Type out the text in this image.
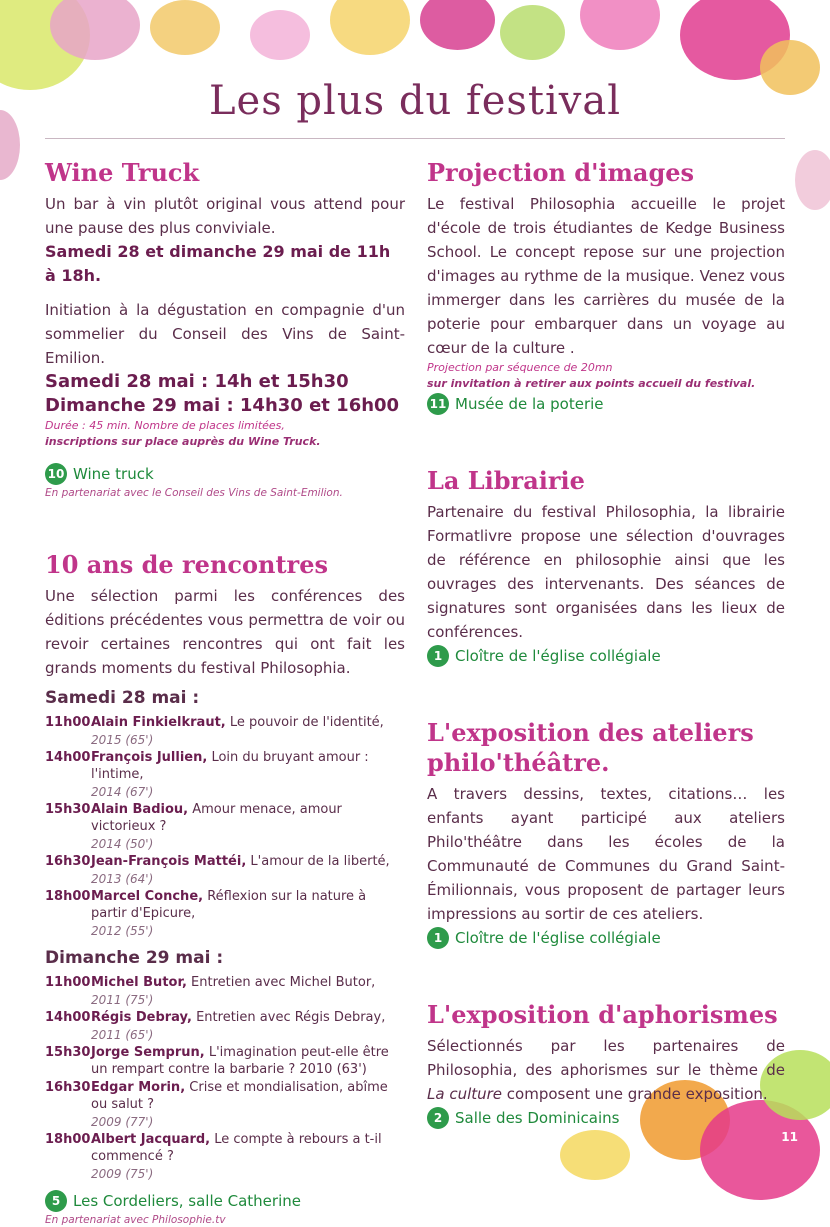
Les plus du festival
Wine Truck

Un bar à vin plutôt original vous attend pour une pause des plus conviviale.

Samedi 28 et dimanche 29 mai de 11h à 18h.

Initiation à la dégustation en compagnie d'un sommelier du Conseil des Vins de Saint-Emilion.

Samedi 28 mai : 14h et 15h30
Dimanche 29 mai : 14h30 et 16h00
Durée : 45 min. Nombre de places limitées,
inscriptions sur place auprès du Wine Truck.
10 Wine truck
En partenariat avec le Conseil des Vins de Saint-Emilion.
10 ans de rencontres

Une sélection parmi les conférences des éditions précédentes vous permettra de voir ou revoir certaines rencontres qui ont fait les grands moments du festival Philosophia.

Samedi 28 mai :
11h00 Alain Finkielkraut, Le pouvoir de l'identité,
2015 (65')
14h00 François Jullien, Loin du bruyant amour : l'intime,
2014 (67')
15h30 Alain Badiou, Amour menace, amour victorieux ?
2014 (50')
16h30 Jean-François Mattéi, L'amour de la liberté,
2013 (64')
18h00 Marcel Conche, Réflexion sur la nature à partir d'Epicure,
2012 (55')
Dimanche 29 mai :
11h00 Michel Butor, Entretien avec Michel Butor,
2011 (75')
14h00 Régis Debray, Entretien avec Régis Debray,
2011 (65')
15h30 Jorge Semprun, L'imagination peut-elle être un rempart contre la barbarie ? 2010 (63')
16h30 Edgar Morin, Crise et mondialisation, abîme ou salut ?
2009 (77')
18h00 Albert Jacquard, Le compte à rebours a t-il commencé ?
2009 (75')
5 Les Cordeliers, salle Catherine
En partenariat avec Philosophie.tv
Projection d'images

Le festival Philosophia accueille le projet d'école de trois étudiantes de Kedge Business School. Le concept repose sur une projection d'images au rythme de la musique. Venez vous immerger dans les carrières du musée de la poterie pour embarquer dans un voyage au cœur de la culture .

Projection par séquence de 20mn
sur invitation à retirer aux points accueil du festival.
11 Musée de la poterie
La Librairie

Partenaire du festival Philosophia, la librairie Formatlivre propose une sélection d'ouvrages de référence en philosophie ainsi que les ouvrages des intervenants. Des séances de signatures sont organisées dans les lieux de conférences.

1 Cloître de l'église collégiale
L'exposition des ateliers philo'théâtre.

A travers dessins, textes, citations… les enfants ayant participé aux ateliers Philo'théâtre dans les écoles de la Communauté de Communes du Grand Saint-Émilionnais, vous proposent de partager leurs impressions au sortir de ces ateliers.

1 Cloître de l'église collégiale
L'exposition d'aphorismes

Sélectionnés par les partenaires de Philosophia, des aphorismes sur le thème de La culture composent une grande exposition.

2 Salle des Dominicains
11
